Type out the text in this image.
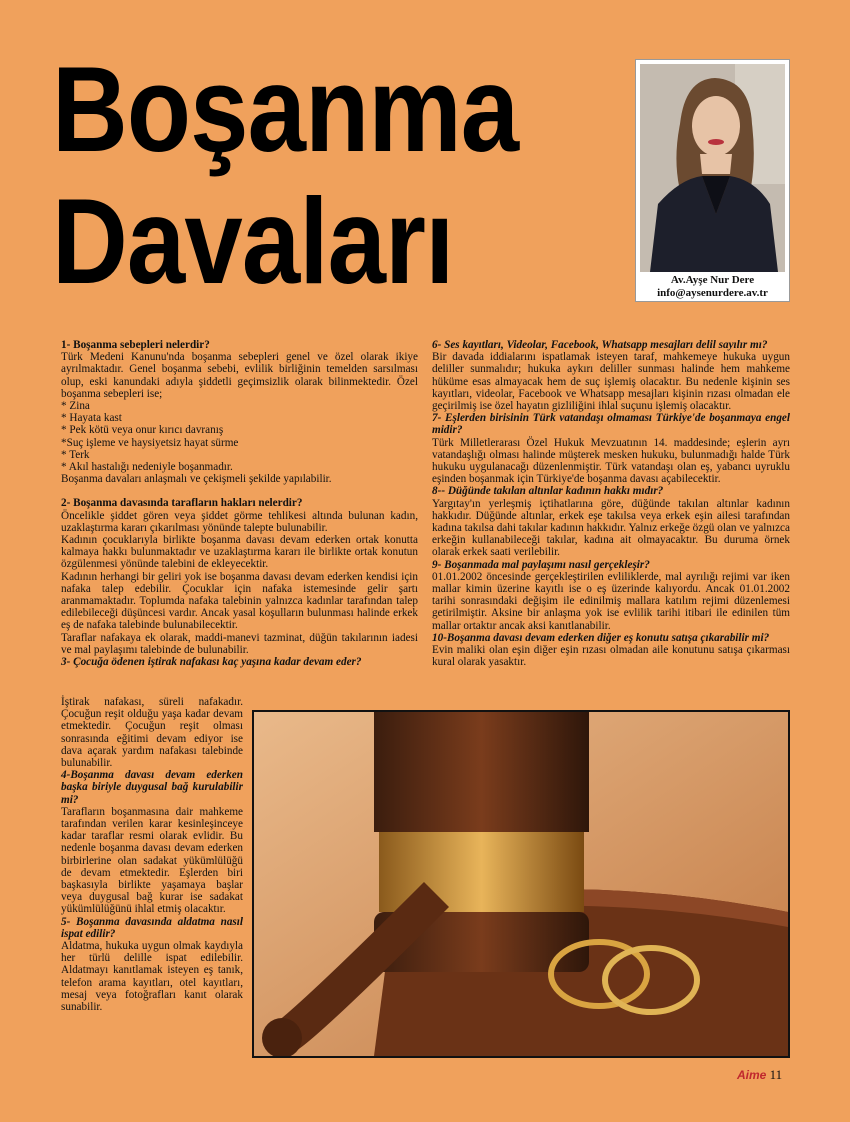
Boşanma
Davaları	Av.Ayşe Nur Dere
info@aysenurdere.av.tr

1- Boşanma sebepleri nelerdir?

Türk Medeni Kanunu'nda boşanma sebepleri genel ve özel olarak ikiye ayrılmaktadır. Genel boşanma sebebi, evlilik birliğinin temelden sarsılması olup, eski kanundaki adıyla şiddetli geçimsizlik olarak bilinmektedir. Özel boşanma sebepleri ise;

* Zina

* Hayata kast

* Pek kötü veya onur kırıcı davranış

*Suç işleme ve haysiyetsiz hayat sürme

* Terk

* Akıl hastalığı nedeniyle boşanmadır.

Boşanma davaları anlaşmalı ve çekişmeli şekilde yapılabilir.

2- Boşanma davasında tarafların hakları nelerdir?

Öncelikle şiddet gören veya şiddet görme tehlikesi altında bulunan kadın, uzaklaştırma kararı çıkarılması yönünde talepte bulunabilir.

Kadının çocuklarıyla birlikte boşanma davası devam ederken ortak konutta kalmaya hakkı bulunmaktadır ve uzaklaştırma kararı ile birlikte ortak konutun özgülenmesi yönünde talebini de ekleyecektir.

Kadının herhangi bir geliri yok ise boşanma davası devam ederken kendisi için nafaka talep edebilir. Çocuklar için nafaka istemesinde gelir şartı aranmamaktadır. Toplumda nafaka talebinin yalnızca kadınlar tarafından talep edilebileceği düşüncesi vardır. Ancak yasal koşulların bulunması halinde erkek eş de nafaka talebinde bulunabilecektir.

Taraflar nafakaya ek olarak, maddi-manevi tazminat, düğün takılarının iadesi ve mal paylaşımı talebinde de bulunabilir.

3- Çocuğa ödenen iştirak nafakası kaç yaşına kadar devam eder?

İştirak nafakası, süreli nafakadır. Çocuğun reşit olduğu yaşa kadar devam etmektedir. Çocuğun reşit olması sonrasında eğitimi devam ediyor ise dava açarak yardım nafakası talebinde bulunabilir.

4-Boşanma davası devam ederken başka biriyle duygusal bağ kurulabilir mi?

Tarafların boşanmasına dair mahkeme tarafından verilen karar kesinleşinceye kadar taraflar resmi olarak evlidir. Bu nedenle boşanma davası devam ederken birbirlerine olan sadakat yükümlülüğü de devam etmektedir. Eşlerden biri başkasıyla birlikte yaşamaya başlar veya duygusal bağ kurar ise sadakat yükümlülüğünü ihlal etmiş olacaktır.

5- Boşanma davasında aldatma nasıl ispat edilir?

Aldatma, hukuka uygun olmak kaydıyla her türlü delille ispat edilebilir. Aldatmayı kanıtlamak isteyen eş tanık, telefon arama kayıtları, otel kayıtları, mesaj veya fotoğrafları kanıt olarak sunabilir.

6- Ses kayıtları, Videolar, Facebook, Whatsapp mesajları delil sayılır mı?

Bir davada iddialarını ispatlamak isteyen taraf, mahkemeye hukuka uygun deliller sunmalıdır; hukuka aykırı deliller sunması halinde hem mahkeme hüküme esas almayacak hem de suç işlemiş olacaktır. Bu nedenle kişinin ses kayıtları, videolar, Facebook ve Whatsapp mesajları kişinin rızası olmadan ele geçirilmiş ise özel hayatın gizliliğini ihlal suçunu işlemiş olacaktır.

7- Eşlerden birisinin Türk vatandaşı olmaması Türkiye'de boşanmaya engel midir?

Türk Milletlerarası Özel Hukuk Mevzuatının 14. maddesinde; eşlerin ayrı vatandaşlığı olması halinde müşterek mesken hukuku, bulunmadığı halde Türk hukuku uygulanacağı düzenlenmiştir. Türk vatandaşı olan eş, yabancı uyruklu eşinden boşanmak için Türkiye'de boşanma davası açabilecektir.

8-- Düğünde takılan altınlar kadının hakkı mıdır?

Yargıtay'ın yerleşmiş içtihatlarına göre, düğünde takılan altınlar kadının hakkıdır. Düğünde altınlar, erkek eşe takılsa veya erkek eşin ailesi tarafından kadına takılsa dahi takılar kadının hakkıdır. Yalnız erkeğe özgü olan ve yalnızca erkeğin kullanabileceği takılar, kadına ait olmayacaktır. Bu duruma örnek olarak erkek saati verilebilir.

9- Boşanmada mal paylaşımı nasıl gerçekleşir?

01.01.2002 öncesinde gerçekleştirilen evliliklerde, mal ayrılığı rejimi var iken mallar kimin üzerine kayıtlı ise o eş üzerinde kalıyordu. Ancak 01.01.2002 tarihi sonrasındaki değişim ile edinilmiş mallara katılım rejimi düzenlemesi getirilmiştir. Aksine bir anlaşma yok ise evlilik tarihi itibari ile edinilen tüm mallar ortaktır ancak aksi kanıtlanabilir.

10-Boşanma davası devam ederken diğer eş konutu satışa çıkarabilir mi?

Evin maliki olan eşin diğer eşin rızası olmadan aile konutunu satışa çıkarması kural olarak yasaktır.

Aime 11
